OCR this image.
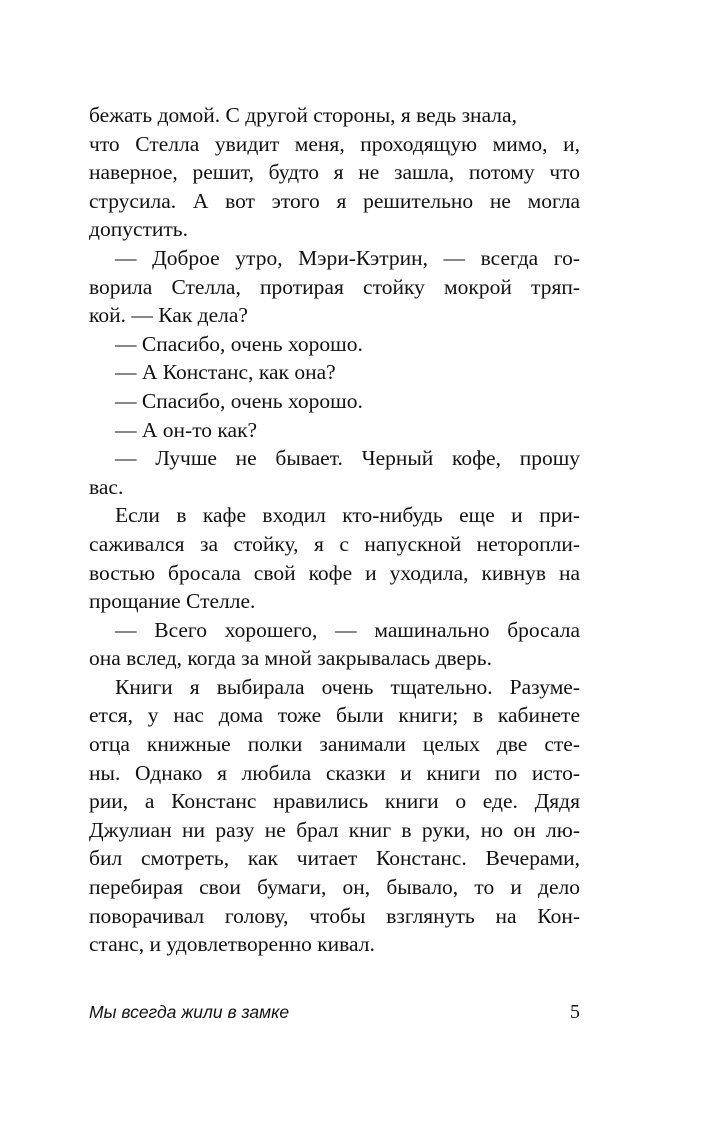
бежать домой. С другой стороны, я ведь знала,
что Стелла увидит меня, проходящую мимо, и,
наверное, решит, будто я не зашла, потому что
струсила. А вот этого я решительно не могла
допустить.
— Доброе утро, Мэри-Кэтрин, — всегда го-
ворила Стелла, протирая стойку мокрой тряп-
кой. — Как дела?
— Спасибо, очень хорошо.
— А Констанс, как она?
— Спасибо, очень хорошо.
— А он-то как?
— Лучше не бывает. Черный кофе, прошу
вас.
Если в кафе входил кто-нибудь еще и при-
саживался за стойку, я с напускной неторопли-
востью бросала свой кофе и уходила, кивнув на
прощание Стелле.
— Всего хорошего, — машинально бросала
она вслед, когда за мной закрывалась дверь.
Книги я выбирала очень тщательно. Разуме-
ется, у нас дома тоже были книги; в кабинете
отца книжные полки занимали целых две сте-
ны. Однако я любила сказки и книги по исто-
рии, а Констанс нравились книги о еде. Дядя
Джулиан ни разу не брал книг в руки, но он лю-
бил смотреть, как читает Констанс. Вечерами,
перебирая свои бумаги, он, бывало, то и дело
поворачивал голову, чтобы взглянуть на Кон-
станс, и удовлетворенно кивал.
Мы всегда жили в замке	5
